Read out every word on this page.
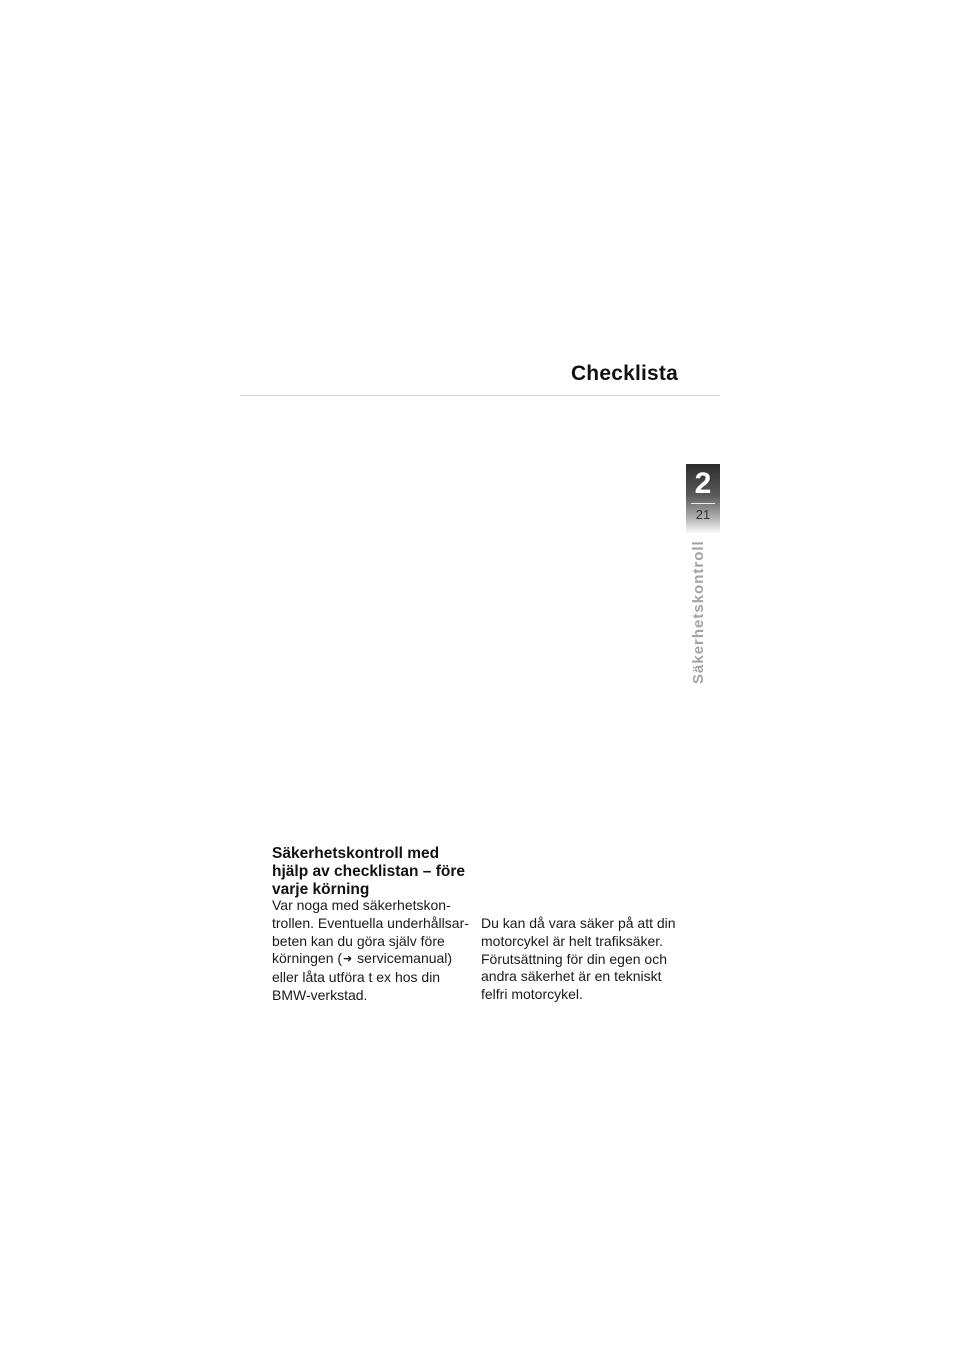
Checklista
2
21
Säkerhetskontroll
Säkerhetskontroll med
hjälp av checklistan – före
varje körning
Var noga med säkerhetskon-
trollen. Eventuella underhållsar-
beten kan du göra själv före
körningen (➜ servicemanual)
eller låta utföra t ex hos din
BMW-verkstad.
Du kan då vara säker på att din
motorcykel är helt trafiksäker.
Förutsättning för din egen och
andra säkerhet är en tekniskt
felfri motorcykel.
